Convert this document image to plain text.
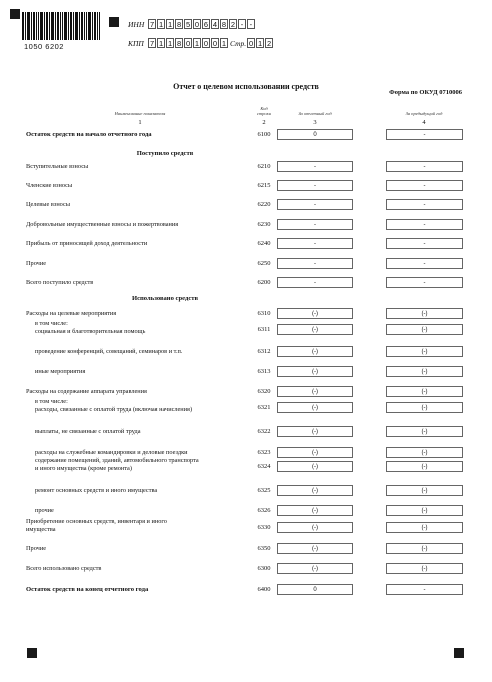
1050 6202
ИНН 7 1 1 8 5 0 6 4 8 2 - -
КПП 7 1 1 8 0 1 0 0 1 Стр. 0 1 2
Отчет о целевом использовании средств
Форма по ОКУД 0710006
Наименование показателя
Код строки	За отчетный год	За предыдущий год
1	2	3	4
Остаток средств на начало отчетного года	6100	0	-
Поступило средств
Вступительные взносы	6210	-	-
Членские взносы	6215	-	-
Целевые взносы	6220	-	-
Добровольные имущественные взносы и пожертвования	6230	-	-
Прибыль от приносящей доход деятельности	6240	-	-
Прочие	6250	-	-
Всего поступило средств	6200	-	-
Использовано средств
Расходы на целевые мероприятия	6310	(-)	(-)
в том числе:
социальная и благотворительная помощь	6311	(-)	(-)
проведение конференций, совещаний, семинаров и т.п.	6312	(-)	(-)
иные мероприятия	6313	(-)	(-)
Расходы на содержание аппарата управления	6320	(-)	(-)
в том числе:
расходы, связанные с оплатой труда (включая начисления)	6321	(-)	(-)
выплаты, не связанные с оплатой труда	6322	(-)	(-)
расходы на служебные командировки и деловые поездки	6323	(-)	(-)
содержание помещений, зданий, автомобильного транспорта
и иного имущества (кроме ремонта)	6324	(-)	(-)
ремонт основных средств и иного имущества	6325	(-)	(-)
прочие	6326	(-)	(-)
Приобретение основных средств, инвентаря и иного
имущества	6330	(-)	(-)
Прочие	6350	(-)	(-)
Всего использовано средств	6300	(-)	(-)
Остаток средств на конец отчетного года	6400	0	-
